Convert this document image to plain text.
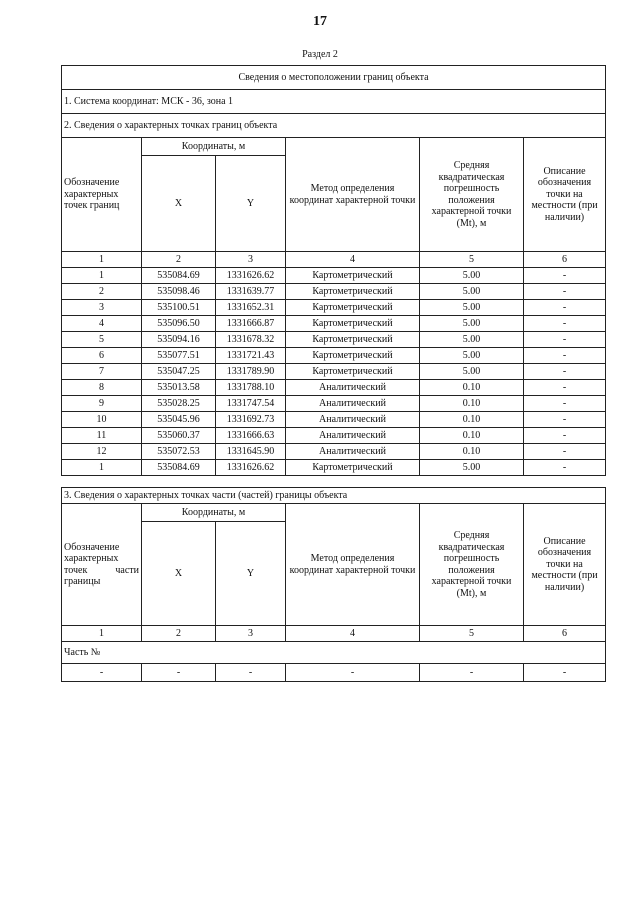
17
Раздел 2
Сведения о местоположении границ объекта					
1. Система координат: МСК - 36, зона 1					
2. Сведения о характерных точках границ объекта					
Обозначение характерных точек границ	Координаты, м		Метод определения координат характерной точки	Средняя квадратическая погрешность положения характерной точки (Mt), м	Описание обозначения точки на местности (при наличии)
	X	Y			
1	2	3	4	5	6
1	535084.69	1331626.62	Картометрический	5.00	-
2	535098.46	1331639.77	Картометрический	5.00	-
3	535100.51	1331652.31	Картометрический	5.00	-
4	535096.50	1331666.87	Картометрический	5.00	-
5	535094.16	1331678.32	Картометрический	5.00	-
6	535077.51	1331721.43	Картометрический	5.00	-
7	535047.25	1331789.90	Картометрический	5.00	-
8	535013.58	1331788.10	Аналитический	0.10	-
9	535028.25	1331747.54	Аналитический	0.10	-
10	535045.96	1331692.73	Аналитический	0.10	-
11	535060.37	1331666.63	Аналитический	0.10	-
12	535072.53	1331645.90	Аналитический	0.10	-
1	535084.69	1331626.62	Картометрический	5.00	-
3. Сведения о характерных точках части (частей) границы объекта					
Обозначение характерных точек части границы	Координаты, м		Метод определения координат характерной точки	Средняя квадратическая погрешность положения характерной точки (Mt), м	Описание обозначения точки на местности (при наличии)
	X	Y			
1	2	3	4	5	6
Часть №					
-	-	-	-	-	-
